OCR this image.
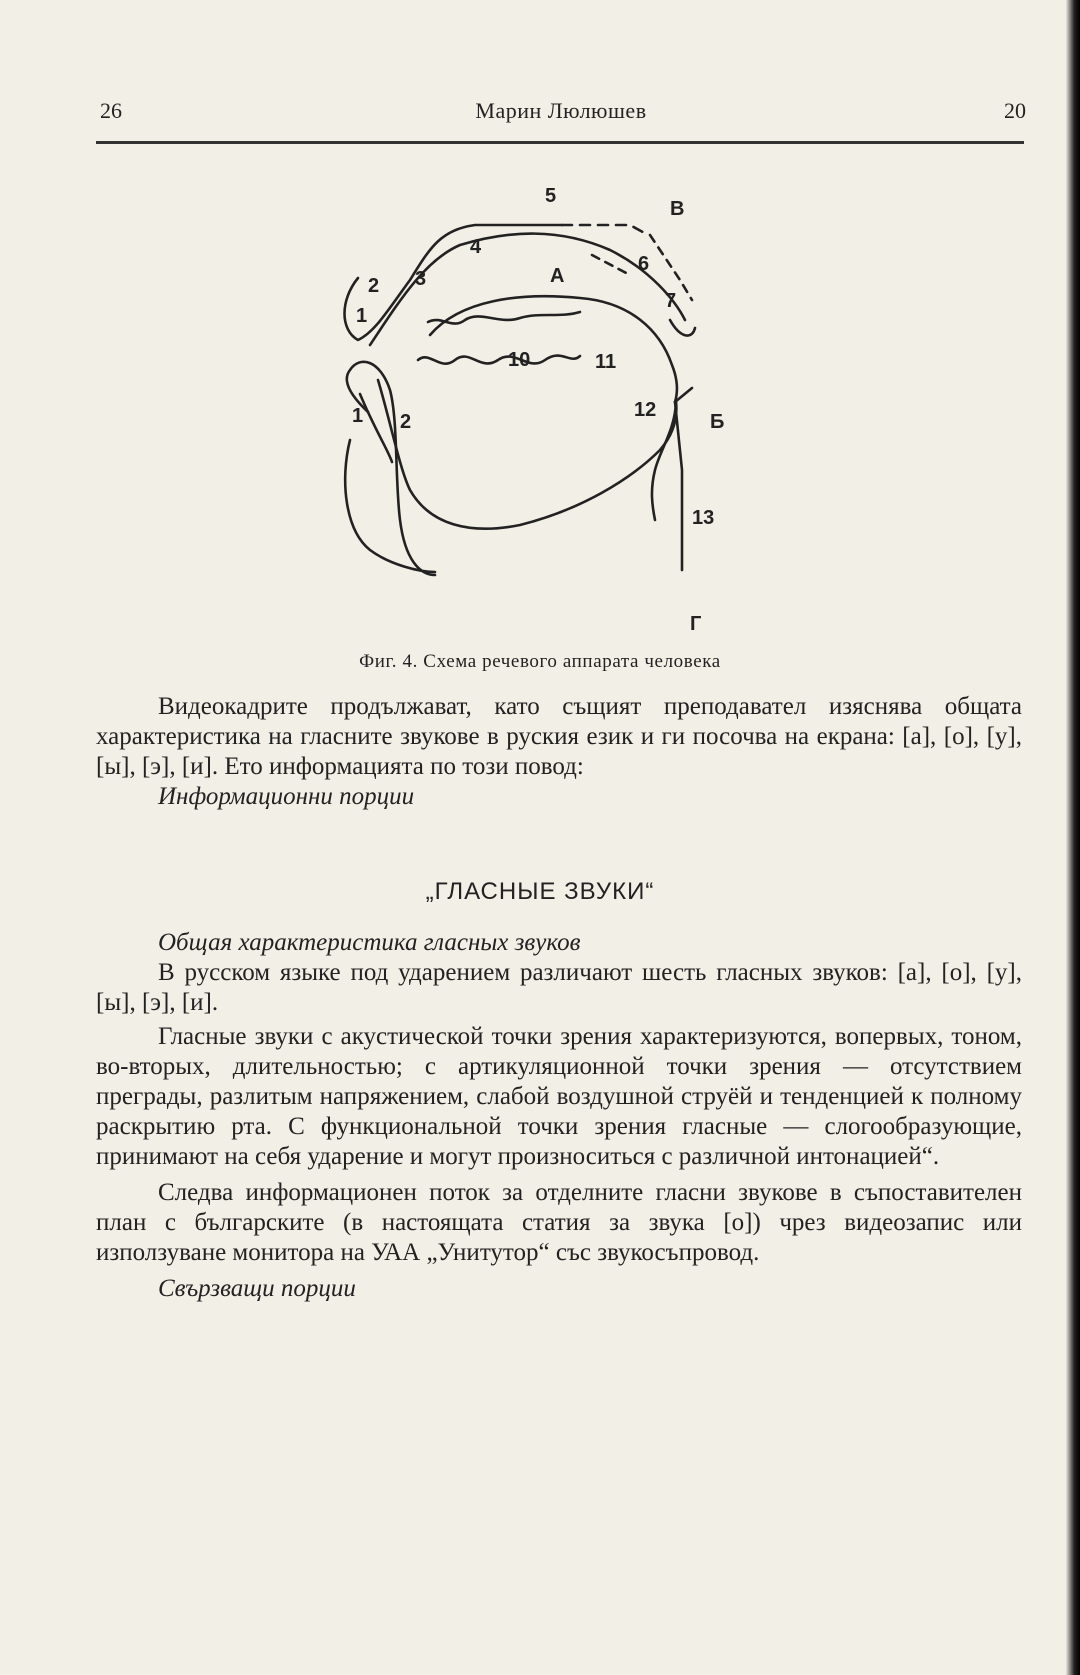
26	Марин Люлюшев	20
5
В
4
6
2 3	А
7
1
10	11
1 2
12
Б
13
Г
Фиг. 4. Схема речевого аппарата человека

Видеокадрите продължават, като същият преподавател изяснява общата характеристика на гласните звукове в руския език и ги посочва на екрана: [а], [о], [у], [ы], [э], [и]. Ето информацията по този повод:

Информационни порции

„ГЛАСНЫЕ ЗВУКИ“

Общая характеристика гласных звуков

В русском языке под ударением различают шесть гласных звуков: [а], [о], [у], [ы], [э], [и].

Гласные звуки с акустической точки зрения характеризуются, вопервых, тоном, во-вторых, длительностью; с артикуляционной точки зрения — отсутствием преграды, разлитым напряжением, слабой воздушной струёй и тенденцией к полному раскрытию рта. С функциональной точки зрения гласные — слогообразующие, принимают на себя ударение и могут произноситься с различной интонацией“.

Следва информационен поток за отделните гласни звукове в съпоставителен план с българските (в настоящата статия за звука [о]) чрез видеозапис или използуване монитора на УАА „Унитутор“ със звукосъпровод.

Свързващи порции
